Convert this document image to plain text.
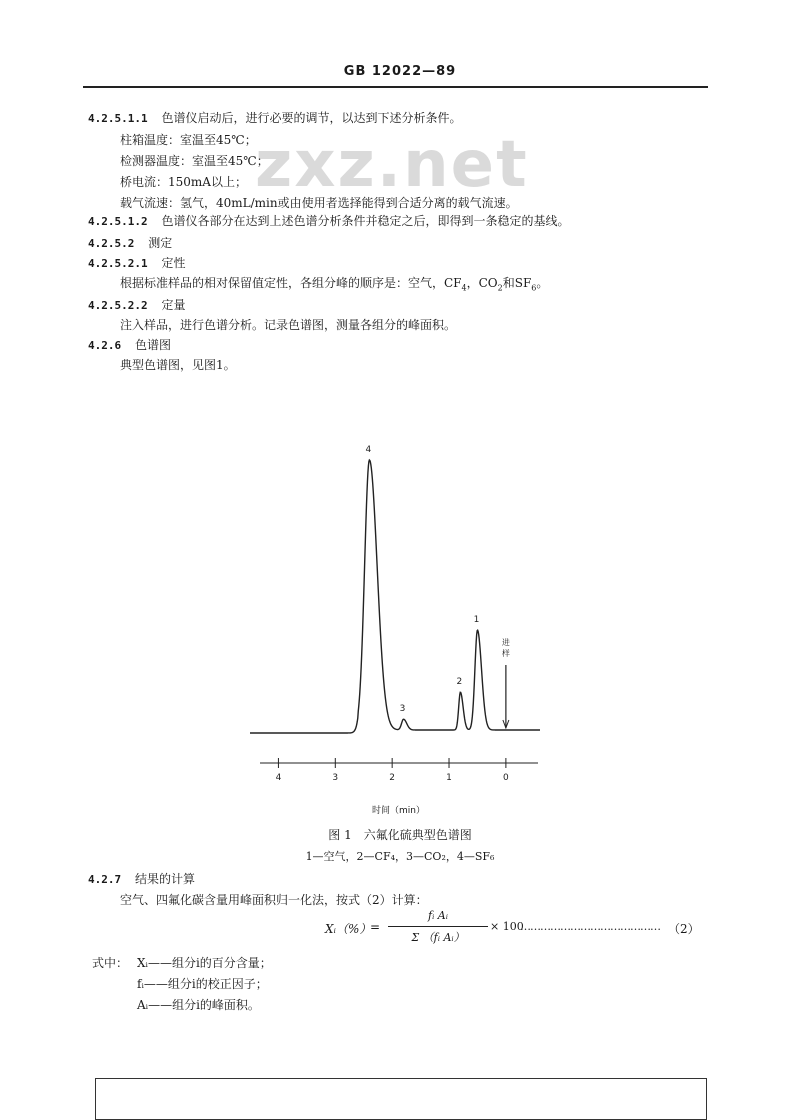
GB 12022—89
zxz.net
4.2.5.1.1 色谱仪启动后，进行必要的调节，以达到下述分析条件。
柱箱温度：室温至45℃；
检测器温度：室温至45℃；
桥电流：150mA以上；
载气流速：氢气，40mL/min或由使用者选择能得到合适分离的载气流速。
4.2.5.1.2 色谱仪各部分在达到上述色谱分析条件并稳定之后，即得到一条稳定的基线。
4.2.5.2 测定
4.2.5.2.1 定性
根据标准样品的相对保留值定性，各组分峰的顺序是：空气，$CF_4$，$CO_2$和$SF_6$。
4.2.5.2.2 定量
注入样品，进行色谱分析。记录色谱图，测量各组分的峰面积。
4.2.6 色谱图
典型色谱图，见图1。
1
2
3
4
进
样
4	3	2	1	0
时间（min）
图 1　六氟化硫典型色谱图
1—空气，2—CF₄，3—CO₂，4—SF₆
4.2.7 结果的计算
空气、四氟化碳含量用峰面积归一化法，按式（2）计算：
Xᵢ（%）
=
fᵢ Aᵢ
Σ （fᵢ Aᵢ）
× 100
…………………………………… （2）
式中： Xᵢ——组分i的百分含量；
fᵢ——组分i的校正因子；
Aᵢ——组分i的峰面积。
